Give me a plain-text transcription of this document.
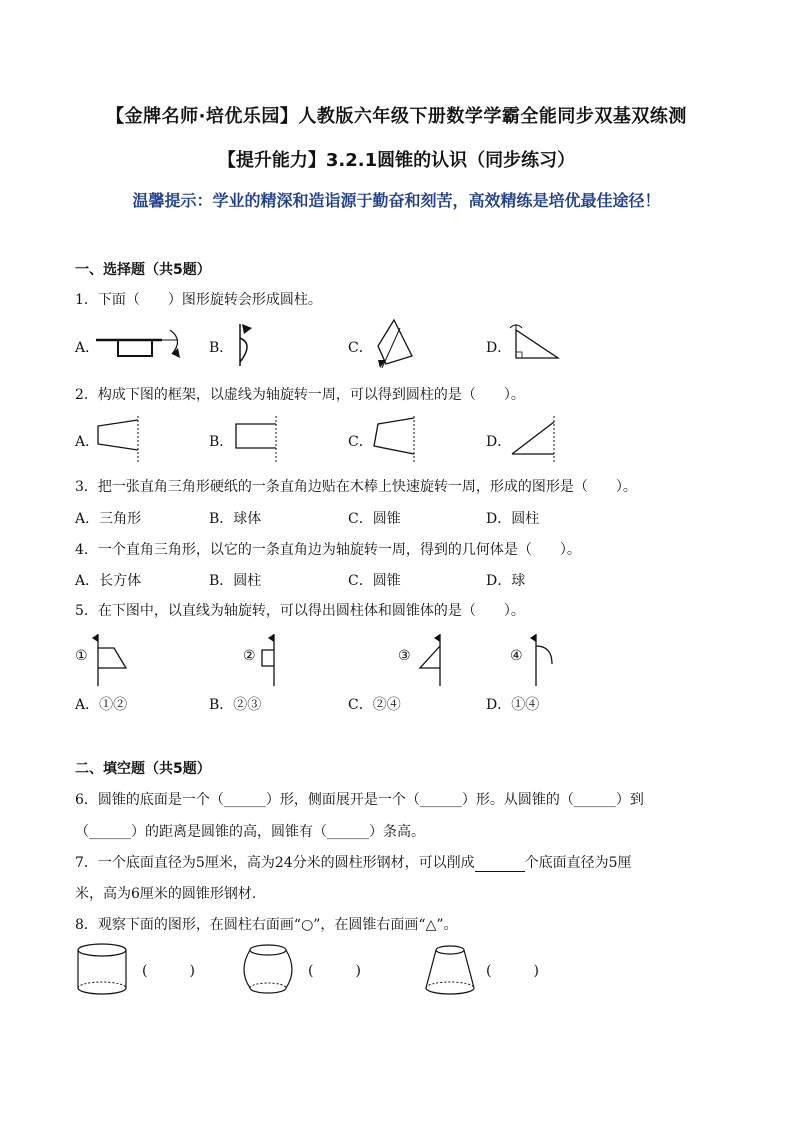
【金牌名师·培优乐园】人教版六年级下册数学学霸全能同步双基双练测
【提升能力】3.2.1圆锥的认识（同步练习）
温馨提示：学业的精深和造诣源于勤奋和刻苦，高效精练是培优最佳途径！
一、选择题（共5题）
1．下面（　　）图形旋转会形成圆柱。
A．	B．	C．	D．
2．构成下图的框架，以虚线为轴旋转一周，可以得到圆柱的是（　　）。
A．	B．	C．	D．
3．把一张直角三角形硬纸的一条直角边贴在木棒上快速旋转一周，形成的图形是（　　）。
A．三角形	B．球体	C．圆锥	D．圆柱
4．一个直角三角形，以它的一条直角边为轴旋转一周，得到的几何体是（　　）。
A．长方体	B．圆柱	C．圆锥	D．球
5．在下图中，以直线为轴旋转，可以得出圆柱体和圆锥体的是（　　）。
①	②	③	④
A．①②	B．②③	C．②④	D．①④
二、填空题（共5题）
6．圆锥的底面是一个（______）形，侧面展开是一个（______）形。从圆锥的（______）到
（______）的距离是圆锥的高，圆锥有（______）条高。
7．一个底面直径为5厘米，高为24分米的圆柱形钢材，可以削成	个底面直径为5厘
米，高为6厘米的圆锥形钢材.
8．观察下面的图形，在圆柱右面画“○”，在圆锥右面画“△”。
(　　　)	(　　　)	(　　　)
